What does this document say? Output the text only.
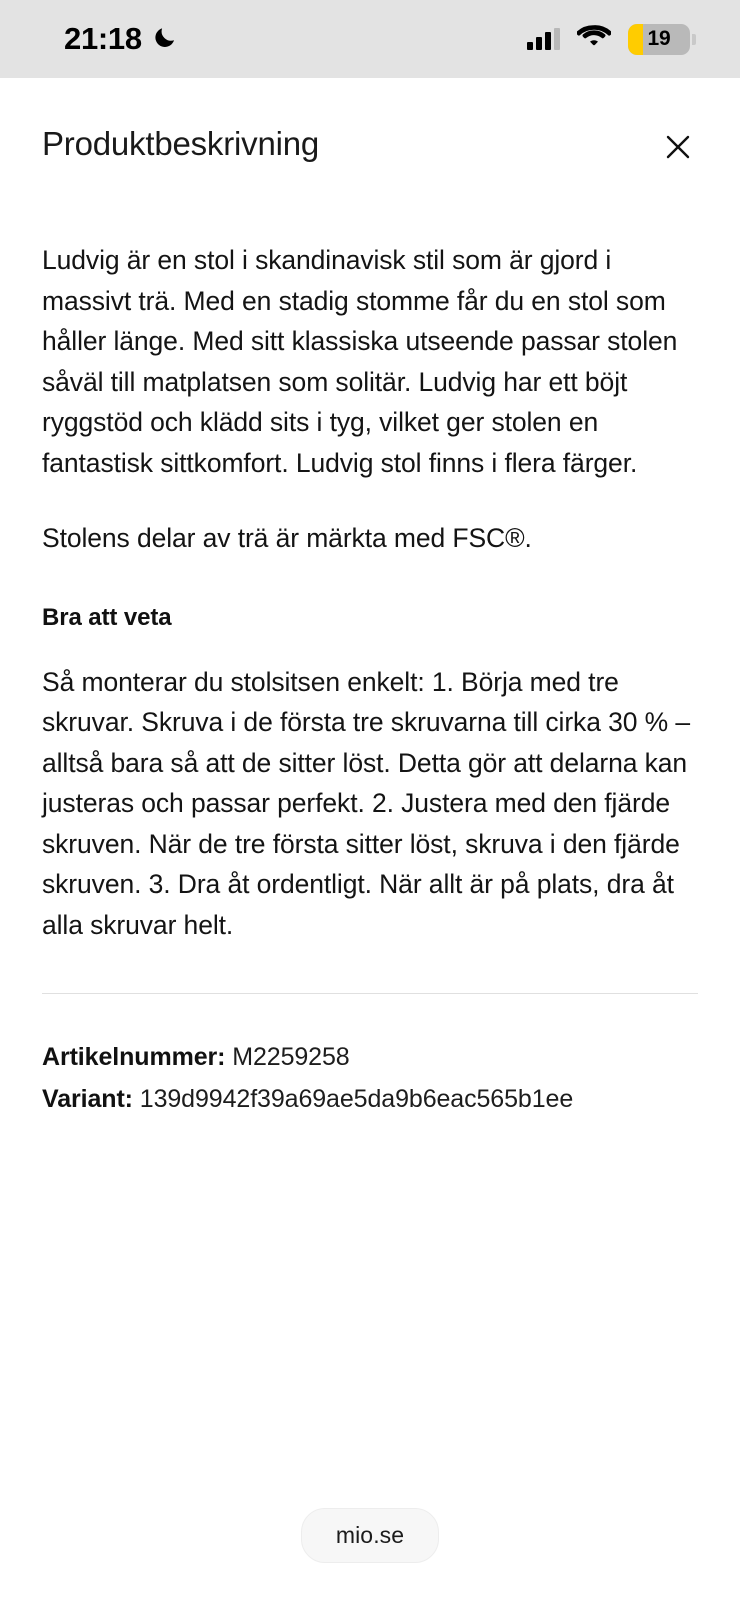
21:18	19
Produktbeskrivning

Ludvig är en stol i skandinavisk stil som är gjord i massivt trä. Med en stadig stomme får du en stol som håller länge. Med sitt klassiska utseende passar stolen såväl till matplatsen som solitär. Ludvig har ett böjt ryggstöd och klädd sits i tyg, vilket ger stolen en fantastisk sittkomfort. Ludvig stol finns i flera färger.

Stolens delar av trä är märkta med FSC®.

Bra att veta

Så monterar du stolsitsen enkelt: 1. Börja med tre skruvar. Skruva i de första tre skruvarna till cirka 30 % – alltså bara så att de sitter löst. Detta gör att delarna kan justeras och passar perfekt. 2. Justera med den fjärde skruven. När de tre första sitter löst, skruva i den fjärde skruven. 3. Dra åt ordentligt. När allt är på plats, dra åt alla skruvar helt.

Artikelnummer: M2259258
Variant: 139d9942f39a69ae5da9b6eac565b1ee
mio.se
